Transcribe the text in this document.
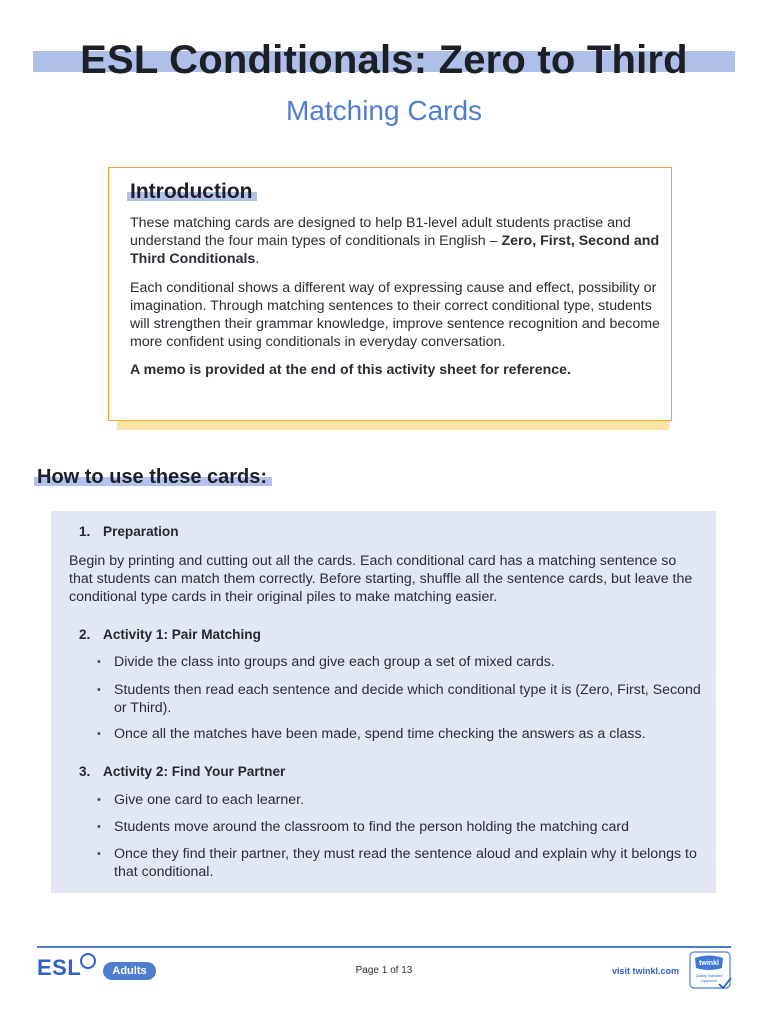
ESL Conditionals: Zero to Third
Matching Cards
Introduction

These matching cards are designed to help B1-level adult students practise and understand the four main types of conditionals in English – Zero, First, Second and Third Conditionals.

Each conditional shows a different way of expressing cause and effect, possibility or imagination. Through matching sentences to their correct conditional type, students will strengthen their grammar knowledge, improve sentence recognition and become more confident using conditionals in everyday conversation.

A memo is provided at the end of this activity sheet for reference.

How to use these cards:
1. Preparation

Begin by printing and cutting out all the cards. Each conditional card has a matching sentence so that students can match them correctly. Before starting, shuffle all the sentence cards, but leave the conditional type cards in their original piles to make matching easier.

2. Activity 1: Pair Matching
• Divide the class into groups and give each group a set of mixed cards.
• Students then read each sentence and decide which conditional type it is (Zero, First, Second or Third).
• Once all the matches have been made, spend time checking the answers as a class.
3. Activity 2: Find Your Partner
• Give one card to each learner.
• Students move around the classroom to find the person holding the matching card
• Once they find their partner, they must read the sentence aloud and explain why it belongs to that conditional.
ESL	Adults	Page 1 of 13	visit twinkl.com
twinkl
Quality Standard
Approved
